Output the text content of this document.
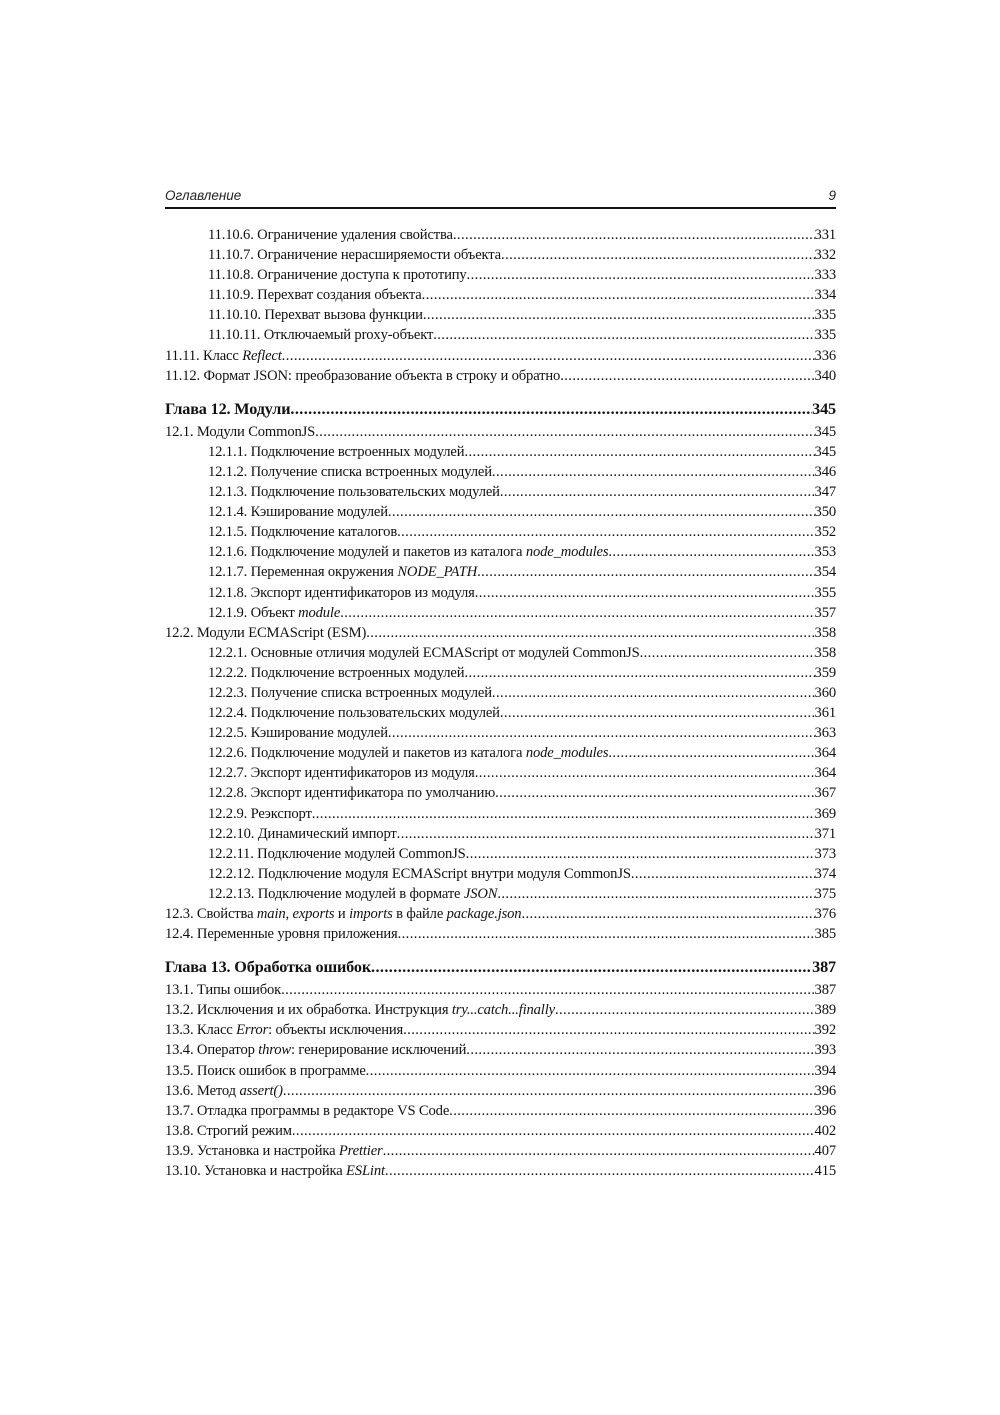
Оглавление	9
11.10.6. Ограничение удаления свойства .....	331
11.10.7. Ограничение нерасширяемости объекта .....	332
11.10.8. Ограничение доступа к прототипу .....	333
11.10.9. Перехват создания объекта .....	334
11.10.10. Перехват вызова функции .....	335
11.10.11. Отключаемый proxy-объект .....	335
11.11. Класс Reflect .....	336
11.12. Формат JSON: преобразование объекта в строку и обратно .....	340
Глава 12. Модули .....	345
12.1. Модули CommonJS .....	345
12.1.1. Подключение встроенных модулей .....	345
12.1.2. Получение списка встроенных модулей .....	346
12.1.3. Подключение пользовательских модулей .....	347
12.1.4. Кэширование модулей .....	350
12.1.5. Подключение каталогов .....	352
12.1.6. Подключение модулей и пакетов из каталога node_modules .....	353
12.1.7. Переменная окружения NODE_PATH .....	354
12.1.8. Экспорт идентификаторов из модуля .....	355
12.1.9. Объект module .....	357
12.2. Модули ECMAScript (ESM) .....	358
12.2.1. Основные отличия модулей ECMAScript от модулей CommonJS .....	358
12.2.2. Подключение встроенных модулей .....	359
12.2.3. Получение списка встроенных модулей .....	360
12.2.4. Подключение пользовательских модулей .....	361
12.2.5. Кэширование модулей .....	363
12.2.6. Подключение модулей и пакетов из каталога node_modules .....	364
12.2.7. Экспорт идентификаторов из модуля .....	364
12.2.8. Экспорт идентификатора по умолчанию .....	367
12.2.9. Реэкспорт .....	369
12.2.10. Динамический импорт .....	371
12.2.11. Подключение модулей CommonJS .....	373
12.2.12. Подключение модуля ECMAScript внутри модуля CommonJS .....	374
12.2.13. Подключение модулей в формате JSON .....	375
12.3. Свойства main, exports и imports в файле package.json .....	376
12.4. Переменные уровня приложения .....	385
Глава 13. Обработка ошибок .....	387
13.1. Типы ошибок .....	387
13.2. Исключения и их обработка. Инструкция try...catch...finally .....	389
13.3. Класс Error: объекты исключения .....	392
13.4. Оператор throw: генерирование исключений .....	393
13.5. Поиск ошибок в программе .....	394
13.6. Метод assert() .....	396
13.7. Отладка программы в редакторе VS Code .....	396
13.8. Строгий режим .....	402
13.9. Установка и настройка Prettier .....	407
13.10. Установка и настройка ESLint .....	415
